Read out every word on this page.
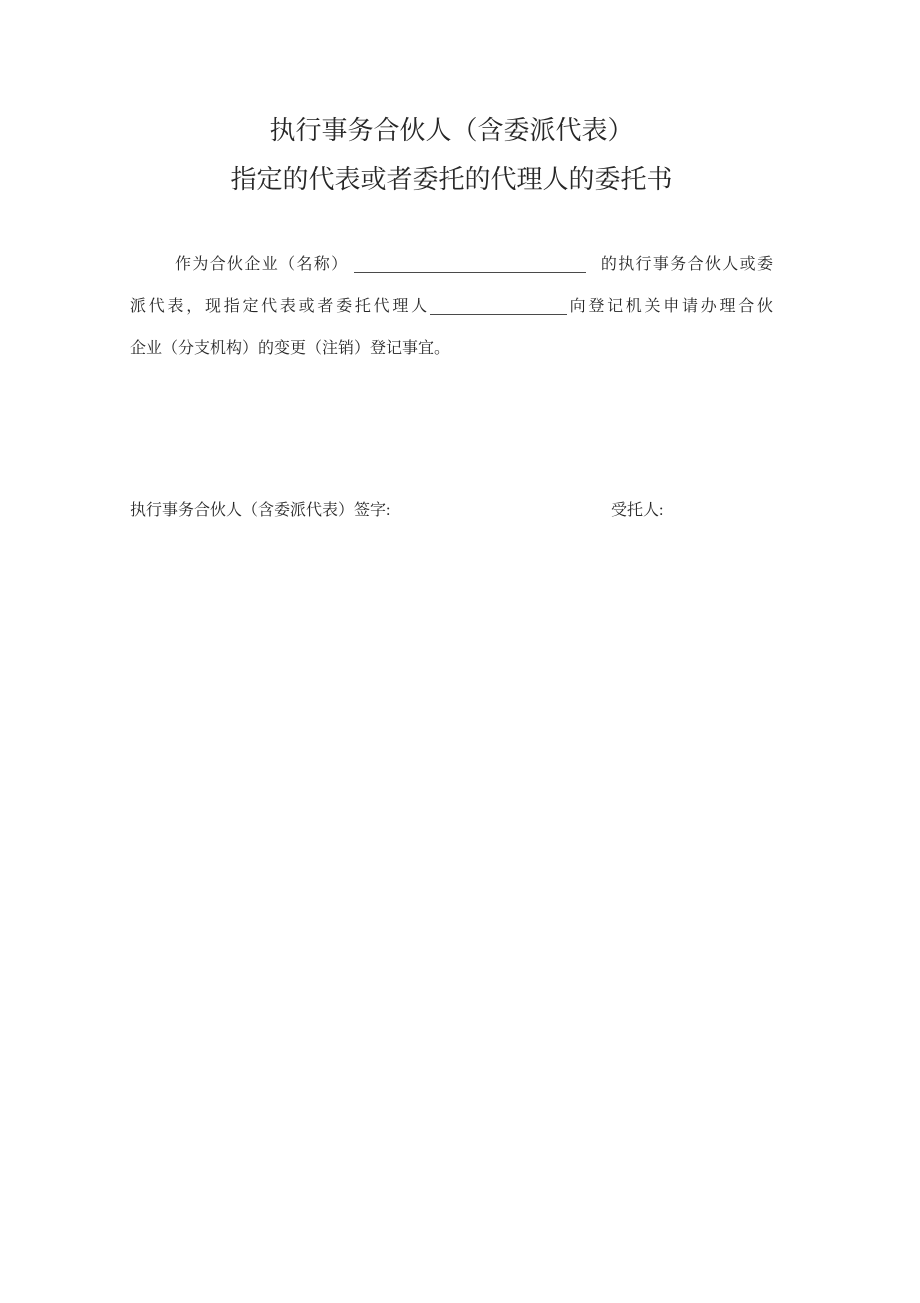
执行事务合伙人（含委派代表）
指定的代表或者委托的代理人的委托书
作为合伙企业（名称）	的执行事务合伙人或委
派代表，现指定代表或者委托代理人	向登记机关申请办理合伙
企业（分支机构）的变更（注销）登记事宜。
执行事务合伙人（含委派代表）签字:	受托人:
